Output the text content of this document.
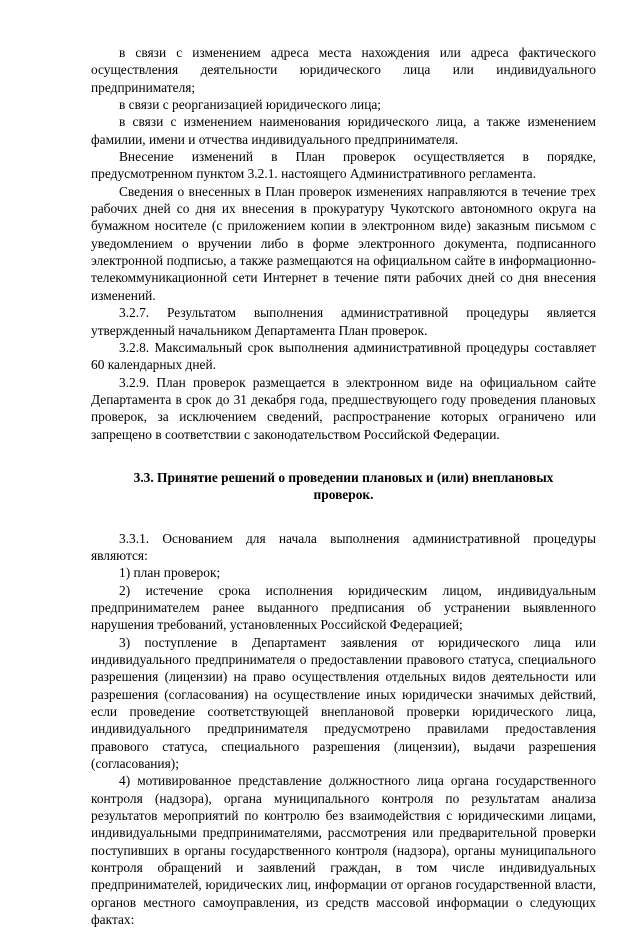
в связи с изменением адреса места нахождения или адреса фактического осуществления деятельности юридического лица или индивидуального предпринимателя;

в связи с реорганизацией юридического лица;

в связи с изменением наименования юридического лица, а также изменением фамилии, имени и отчества индивидуального предпринимателя.

Внесение изменений в План проверок осуществляется в порядке, предусмотренном пунктом 3.2.1. настоящего Административного регламента.

Сведения о внесенных в План проверок изменениях направляются в течение трех рабочих дней со дня их внесения в прокуратуру Чукотского автономного округа на бумажном носителе (с приложением копии в электронном виде) заказным письмом с уведомлением о вручении либо в форме электронного документа, подписанного электронной подписью, а также размещаются на официальном сайте в информационно-телекоммуникационной сети Интернет в течение пяти рабочих дней со дня внесения изменений.

3.2.7. Результатом выполнения административной процедуры является утвержденный начальником Департамента План проверок.

3.2.8. Максимальный срок выполнения административной процедуры составляет 60 календарных дней.

3.2.9. План проверок размещается в электронном виде на официальном сайте Департамента в срок до 31 декабря года, предшествующего году проведения плановых проверок, за исключением сведений, распространение которых ограничено или запрещено в соответствии с законодательством Российской Федерации.

3.3. Принятие решений о проведении плановых и (или) внеплановых проверок.

3.3.1. Основанием для начала выполнения административной процедуры являются:

1) план проверок;

2) истечение срока исполнения юридическим лицом, индивидуальным предпринимателем ранее выданного предписания об устранении выявленного нарушения требований, установленных Российской Федерацией;

3) поступление в Департамент заявления от юридического лица или индивидуального предпринимателя о предоставлении правового статуса, специального разрешения (лицензии) на право осуществления отдельных видов деятельности или разрешения (согласования) на осуществление иных юридически значимых действий, если проведение соответствующей внеплановой проверки юридического лица, индивидуального предпринимателя предусмотрено правилами предоставления правового статуса, специального разрешения (лицензии), выдачи разрешения (согласования);

4) мотивированное представление должностного лица органа государственного контроля (надзора), органа муниципального контроля по результатам анализа результатов мероприятий по контролю без взаимодействия с юридическими лицами, индивидуальными предпринимателями, рассмотрения или предварительной проверки поступивших в органы государственного контроля (надзора), органы муниципального контроля обращений и заявлений граждан, в том числе индивидуальных предпринимателей, юридических лиц, информации от органов государственной власти, органов местного самоуправления, из средств массовой информации о следующих фактах:
